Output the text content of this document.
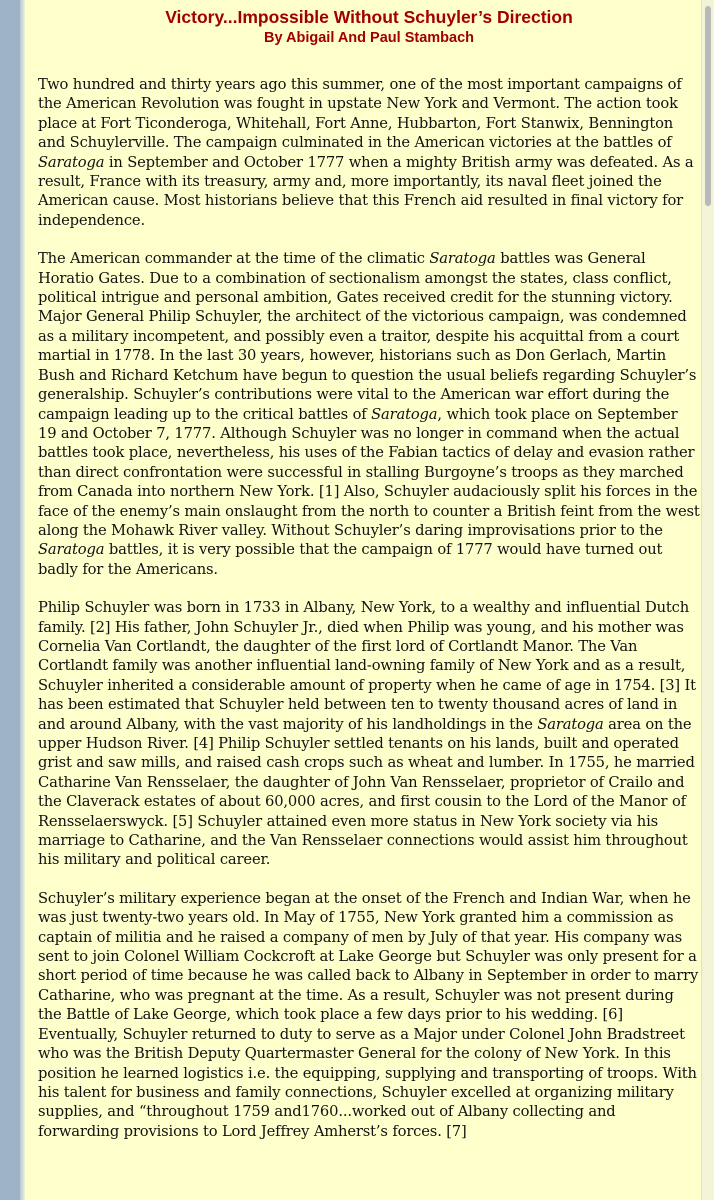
Victory...Impossible Without Schuyler’s Direction
By Abigail And Paul Stambach

Two hundred and thirty years ago this summer, one of the most important campaigns of the American Revolution was fought in upstate New York and Vermont. The action took place at Fort Ticonderoga, Whitehall, Fort Anne, Hubbarton, Fort Stanwix, Bennington and Schuylerville. The campaign culminated in the American victories at the battles of Saratoga in September and October 1777 when a mighty British army was defeated. As a result, France with its treasury, army and, more importantly, its naval fleet joined the American cause. Most historians believe that this French aid resulted in final victory for independence.

The American commander at the time of the climatic Saratoga battles was General Horatio Gates. Due to a combination of sectionalism amongst the states, class conflict, political intrigue and personal ambition, Gates received credit for the stunning victory. Major General Philip Schuyler, the architect of the victorious campaign, was condemned as a military incompetent, and possibly even a traitor, despite his acquittal from a court martial in 1778. In the last 30 years, however, historians such as Don Gerlach, Martin Bush and Richard Ketchum have begun to question the usual beliefs regarding Schuyler’s generalship. Schuyler’s contributions were vital to the American war effort during the campaign leading up to the critical battles of Saratoga, which took place on September 19 and October 7, 1777. Although Schuyler was no longer in command when the actual battles took place, nevertheless, his uses of the Fabian tactics of delay and evasion rather than direct confrontation were successful in stalling Burgoyne’s troops as they marched from Canada into northern New York. [1] Also, Schuyler audaciously split his forces in the face of the enemy’s main onslaught from the north to counter a British feint from the west along the Mohawk River valley. Without Schuyler’s daring improvisations prior to the Saratoga battles, it is very possible that the campaign of 1777 would have turned out badly for the Americans.

Philip Schuyler was born in 1733 in Albany, New York, to a wealthy and influential Dutch family. [2] His father, John Schuyler Jr., died when Philip was young, and his mother was Cornelia Van Cortlandt, the daughter of the first lord of Cortlandt Manor. The Van Cortlandt family was another influential land-owning family of New York and as a result, Schuyler inherited a considerable amount of property when he came of age in 1754. [3] It has been estimated that Schuyler held between ten to twenty thousand acres of land in and around Albany, with the vast majority of his landholdings in the Saratoga area on the upper Hudson River. [4] Philip Schuyler settled tenants on his lands, built and operated grist and saw mills, and raised cash crops such as wheat and lumber. In 1755, he married Catharine Van Rensselaer, the daughter of John Van Rensselaer, proprietor of Crailo and the Claverack estates of about 60,000 acres, and first cousin to the Lord of the Manor of Rensselaerswyck. [5] Schuyler attained even more status in New York society via his marriage to Catharine, and the Van Rensselaer connections would assist him throughout his military and political career.

Schuyler’s military experience began at the onset of the French and Indian War, when he was just twenty-two years old. In May of 1755, New York granted him a commission as captain of militia and he raised a company of men by July of that year. His company was sent to join Colonel William Cockcroft at Lake George but Schuyler was only present for a short period of time because he was called back to Albany in September in order to marry Catharine, who was pregnant at the time. As a result, Schuyler was not present during the Battle of Lake George, which took place a few days prior to his wedding. [6] Eventually, Schuyler returned to duty to serve as a Major under Colonel John Bradstreet who was the British Deputy Quartermaster General for the colony of New York. In this position he learned logistics i.e. the equipping, supplying and transporting of troops. With his talent for business and family connections, Schuyler excelled at organizing military supplies, and “throughout 1759 and1760...worked out of Albany collecting and forwarding provisions to Lord Jeffrey Amherst’s forces. [7]
